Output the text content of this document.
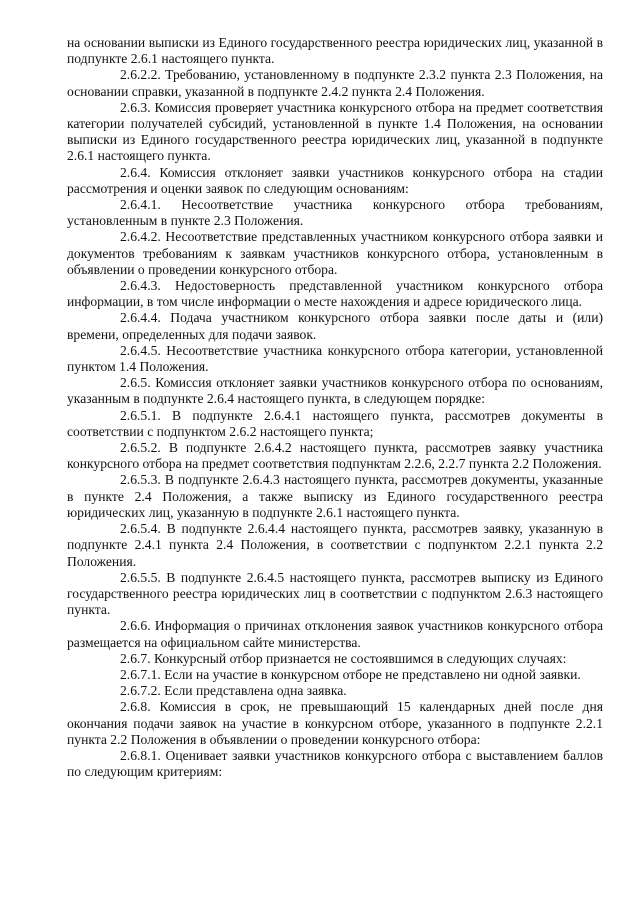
на основании выписки из Единого государственного реестра юридических лиц, указанной в подпункте 2.6.1 настоящего пункта.

2.6.2.2. Требованию, установленному в подпункте 2.3.2 пункта 2.3 Положения, на основании справки, указанной в подпункте 2.4.2 пункта 2.4 Положения.

2.6.3. Комиссия проверяет участника конкурсного отбора на предмет соответствия категории получателей субсидий, установленной в пункте 1.4 Положения, на основании выписки из Единого государственного реестра юридических лиц, указанной в подпункте 2.6.1 настоящего пункта.

2.6.4. Комиссия отклоняет заявки участников конкурсного отбора на стадии рассмотрения и оценки заявок по следующим основаниям:

2.6.4.1. Несоответствие участника конкурсного отбора требованиям, установленным в пункте 2.3 Положения.

2.6.4.2. Несоответствие представленных участником конкурсного отбора заявки и документов требованиям к заявкам участников конкурсного отбора, установленным в объявлении о проведении конкурсного отбора.

2.6.4.3. Недостоверность представленной участником конкурсного отбора информации, в том числе информации о месте нахождения и адресе юридического лица.

2.6.4.4. Подача участником конкурсного отбора заявки после даты и (или) времени, определенных для подачи заявок.

2.6.4.5. Несоответствие участника конкурсного отбора категории, установленной пунктом 1.4 Положения.

2.6.5. Комиссия отклоняет заявки участников конкурсного отбора по основаниям, указанным в подпункте 2.6.4 настоящего пункта, в следующем порядке:

2.6.5.1. В подпункте 2.6.4.1 настоящего пункта, рассмотрев документы в соответствии с подпунктом 2.6.2 настоящего пункта;

2.6.5.2. В подпункте 2.6.4.2 настоящего пункта, рассмотрев заявку участника конкурсного отбора на предмет соответствия подпунктам 2.2.6, 2.2.7 пункта 2.2 Положения.

2.6.5.3. В подпункте 2.6.4.3 настоящего пункта, рассмотрев документы, указанные в пункте 2.4 Положения, а также выписку из Единого государственного реестра юридических лиц, указанную в подпункте 2.6.1 настоящего пункта.

2.6.5.4. В подпункте 2.6.4.4 настоящего пункта, рассмотрев заявку, указанную в подпункте 2.4.1 пункта 2.4 Положения, в соответствии с подпунктом 2.2.1 пункта 2.2 Положения.

2.6.5.5. В подпункте 2.6.4.5 настоящего пункта, рассмотрев выписку из Единого государственного реестра юридических лиц в соответствии с подпунктом 2.6.3 настоящего пункта.

2.6.6. Информация о причинах отклонения заявок участников конкурсного отбора размещается на официальном сайте министерства.

2.6.7. Конкурсный отбор признается не состоявшимся в следующих случаях:

2.6.7.1. Если на участие в конкурсном отборе не представлено ни одной заявки.

2.6.7.2. Если представлена одна заявка.

2.6.8. Комиссия в срок, не превышающий 15 календарных дней после дня окончания подачи заявок на участие в конкурсном отборе, указанного в подпункте 2.2.1 пункта 2.2 Положения в объявлении о проведении конкурсного отбора:

2.6.8.1. Оценивает заявки участников конкурсного отбора с выставлением баллов по следующим критериям:
